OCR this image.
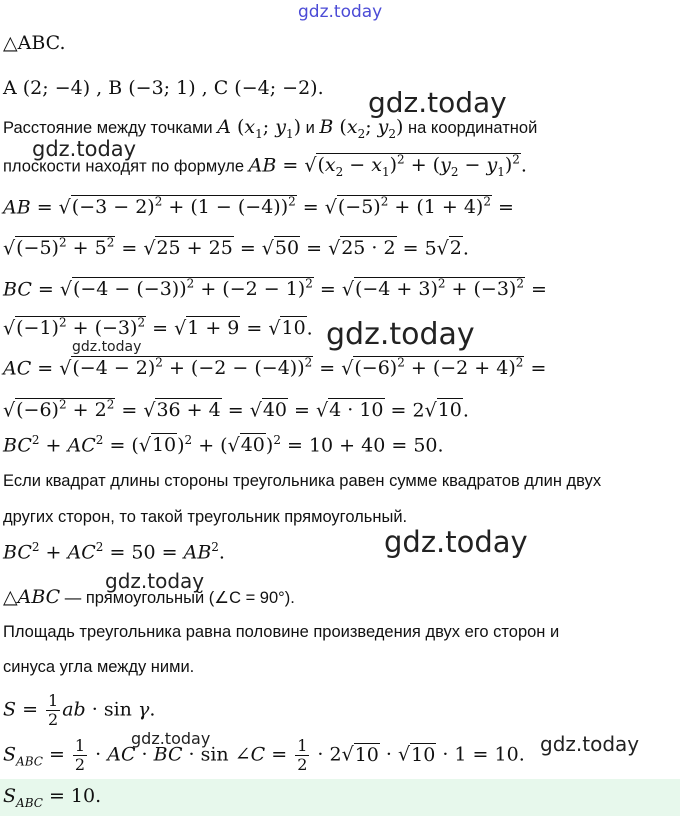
gdz.today
gdz.today
gdz.today
gdz.today
gdz.today
gdz.today
gdz.today
gdz.today	gdz.today
△ABC.
A (2; −4) , B (−3; 1) , C (−4; −2).
Расстояние между точками A ($x_1$; $y_1$) и B ($x_2$; $y_2$) на координатной
плоскости находят по формуле AB = $√(x_2 - x_1)^2 + (y_2 - y_1)^2$.
AB = $√(-3 - 2)^2 + (1 - (-4))^2 = √(-5)^2 + (1 + 4)^2$ =
$√(-5)^2 + 5^2 = √25 + 25 = √50 = √25 \cdot 2 = 5√2$.
BC = $√(-4 - (-3))^2 + (-2 - 1)^2 = √(-4 + 3)^2 + (-3)^2$ =
$√(-1)^2 + (-3)^2 = √1 + 9 = √10$.
AC = $√(-4 - 2)^2 + (-2 - (-4))^2 = √(-6)^2 + (-2 + 4)^2$ =
$√(-6)^2 + 2^2 = √36 + 4 = √40 = √4 \cdot 10 = 2√10$.
$BC^2 + AC^2 = (√10)^2 + (√40)^2 = 10 + 40 = 50$.
Если квадрат длины стороны треугольника равен сумме квадратов длин двух
других сторон, то такой треугольник прямоугольный.
$BC^2 + AC^2 = 50 = AB^2$.
△ABC — прямоугольный (∠C = 90°).
Площадь треугольника равна половине произведения двух его сторон и
синуса угла между ними.
$S = \frac{1}{2}$ ab · sin γ.
$S_{ABC} = \frac{1}{2}$ · AC · BC · sin ∠C = $\frac{1}{2} \cdot 2√10 \cdot √10 \cdot 1 = 10$.
$S_{ABC} = 10$.
